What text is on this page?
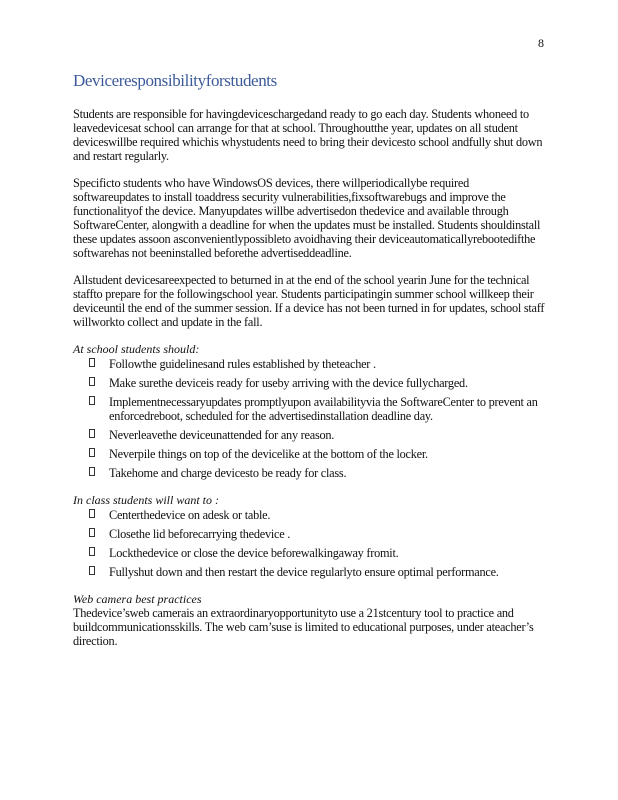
8
Deviceresponsibilityforstudents

Students are responsible for havingdeviceschargedand ready to go each day. Students whoneed to leavedevicesat school can arrange for that at school. Throughoutthe year, updates on all student deviceswillbe required whichis whystudents need to bring their devicesto school andfully shut down and restart regularly.

Specificto students who have WindowsOS devices, there willperiodicallybe required softwareupdates to install toaddress security vulnerabilities,fixsoftwarebugs and improve the functionalityof the device. Manyupdates willbe advertisedon thedevice and available through SoftwareCenter, alongwith a deadline for when the updates must be installed. Students shouldinstall these updates assoon asconvenientlypossibleto avoidhaving their deviceautomaticallyrebootedifthe softwarehas not beeninstalled beforethe advertiseddeadline.

Allstudent devicesareexpected to beturned in at the end of the school yearin June for the technical staffto prepare for the followingschool year. Students participatingin summer school willkeep their deviceuntil the end of the summer session. If a device has not been turned in for updates, school staff willworkto collect and update in the fall.

At school students should:
Followthe guidelinesand rules established by theteacher .
Make surethe deviceis ready for useby arriving with the device fullycharged.
Implementnecessaryupdates promptlyupon availabilityvia the SoftwareCenter to prevent an enforcedreboot, scheduled for the advertisedinstallation deadline day.
Neverleavethe deviceunattended for any reason.
Neverpile things on top of the devicelike at the bottom of the locker.
Takehome and charge devicesto be ready for class.
In class students will want to :
Centerthedevice on adesk or table.
Closethe lid beforecarrying thedevice .
Lockthedevice or close the device beforewalkingaway fromit.
Fullyshut down and then restart the device regularlyto ensure optimal performance.
Web camera best practices

Thedevice’sweb camerais an extraordinaryopportunityto use a 21stcentury tool to practice and buildcommunicationsskills. The web cam’suse is limited to educational purposes, under ateacher’s direction.
